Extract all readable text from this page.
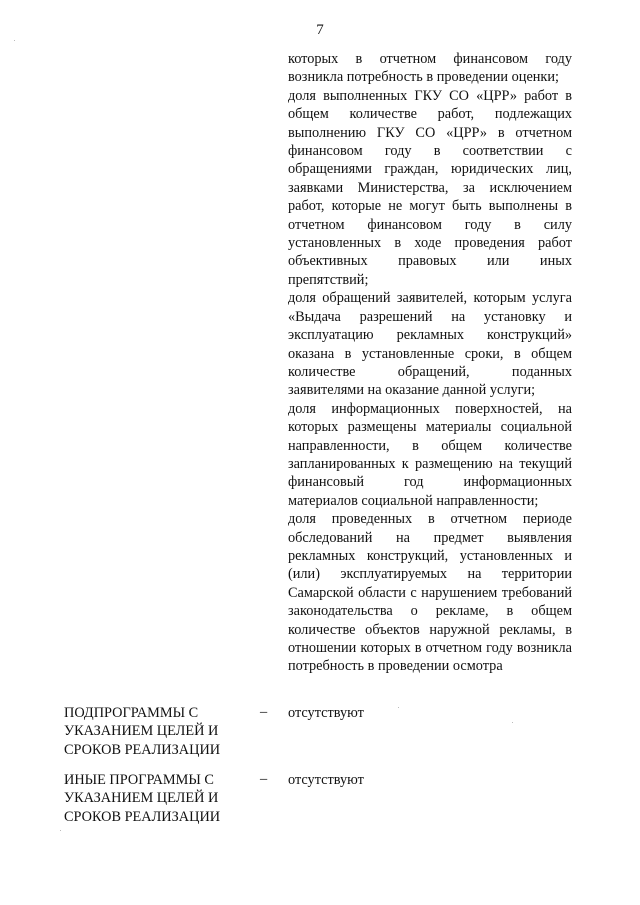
7

которых в отчетном финансовом году возникла потребность в проведении оценки;

доля выполненных ГКУ СО «ЦРР» работ в общем количестве работ, подлежащих выполнению ГКУ СО «ЦРР» в отчетном финансовом году в соответствии с обращениями граждан, юридических лиц, заявками Министерства, за исключением работ, которые не могут быть выполнены в отчетном финансовом году в силу установленных в ходе проведения работ объективных правовых или иных препятствий;

доля обращений заявителей, которым услуга «Выдача разрешений на установку и эксплуатацию рекламных конструкций» оказана в установленные сроки, в общем количестве обращений, поданных заявителями на оказание данной услуги;

доля информационных поверхностей, на которых размещены материалы социальной направленности, в общем количестве запланированных к размещению на текущий финансовый год информационных материалов социальной направленности;

доля проведенных в отчетном периоде обследований на предмет выявления рекламных конструкций, установленных и (или) эксплуатируемых на территории Самарской области с нарушением требований законодательства о рекламе, в общем количестве объектов наружной рекламы, в отношении которых в отчетном году возникла потребность в проведении осмотра

ПОДПРОГРАММЫ С
УКАЗАНИЕМ ЦЕЛЕЙ И
СРОКОВ РЕАЛИЗАЦИИ
– отсутствуют
ИНЫЕ ПРОГРАММЫ С
УКАЗАНИЕМ ЦЕЛЕЙ И
СРОКОВ РЕАЛИЗАЦИИ
– отсутствуют
